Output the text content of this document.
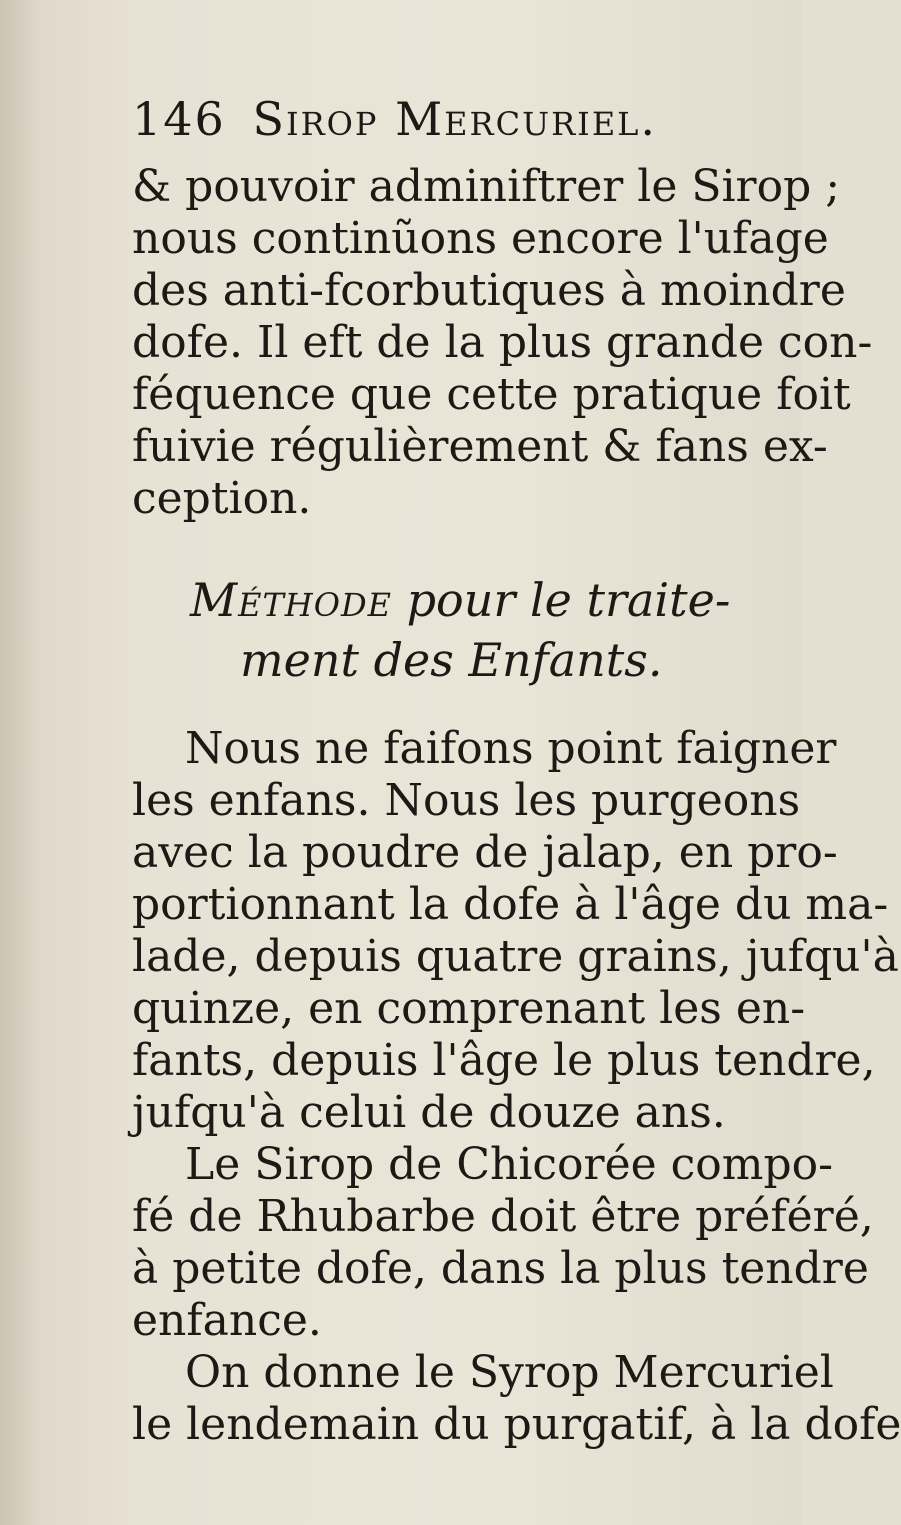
146 Sirop Mercuriel.
& pouvoir adminiftrer le Sirop ;
nous continũons encore l'ufage
des anti-fcorbutiques à moindre
dofe. Il eft de la plus grande con-
féquence que cette pratique foit
fuivie régulièrement & fans ex-
ception.
Méthode pour le traite-
ment des Enfants.
Nous ne faifons point faigner
les enfans. Nous les purgeons
avec la poudre de jalap, en pro-
portionnant la dofe à l'âge du ma-
lade, depuis quatre grains, jufqu'à
quinze, en comprenant les en-
fants, depuis l'âge le plus tendre,
jufqu'à celui de douze ans.
Le Sirop de Chicorée compo-
fé de Rhubarbe doit être préféré,
à petite dofe, dans la plus tendre
enfance.
On donne le Syrop Mercuriel
le lendemain du purgatif, à la dofe
